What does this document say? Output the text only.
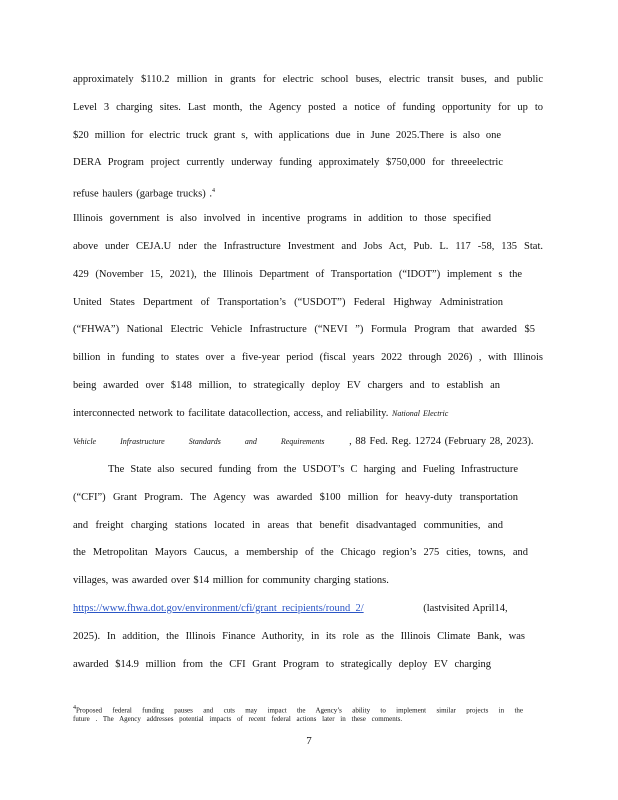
approximately $110.2 million in grants for electric school buses, electric transit buses, and public
Level 3 charging sites. Last month, the Agency posted a notice of funding opportunity for up to
$20 million for electric truck grant s, with applications due in June 2025.There is also one
DERA Program project currently underway funding approximately $750,000 for threeelectric
refuse haulers (garbage trucks) .$^4$
Illinois government is also involved in incentive programs in addition to those specified
above under CEJA.U nder the Infrastructure Investment and Jobs Act, Pub. L. 117 -58, 135 Stat.
429 (November 15, 2021), the Illinois Department of Transportation (“IDOT”) implement s the
United States Department of Transportation’s (“USDOT”) Federal Highway Administration
(“FHWA”) National Electric Vehicle Infrastructure (“NEVI ”) Formula Program that awarded $5
billion in funding to states over a five-year period (fiscal years 2022 through 2026) , with Illinois
being awarded over $148 million, to strategically deploy EV chargers and to establish an
interconnected network to facilitate datacollection, access, and reliability. National Electric
Vehicle Infrastructure Standards and Requirements , 88 Fed. Reg. 12724 (February 28, 2023).
The State also secured funding from the USDOT’s C harging and Fueling Infrastructure
(“CFI”) Grant Program. The Agency was awarded $100 million for heavy-duty transportation
and freight charging stations located in areas that benefit disadvantaged communities, and
the Metropolitan Mayors Caucus, a membership of the Chicago region’s 275 cities, towns, and
villages, was awarded over $14 million for community charging stations.
https://www.fhwa.dot.gov/environment/cfi/grant_recipients/round_2/	(lastvisited April14,
2025). In addition, the Illinois Finance Authority, in its role as the Illinois Climate Bank, was
awarded $14.9 million from the CFI Grant Program to strategically deploy EV charging
4Proposed federal funding pauses and cuts may impact the Agency’s ability to implement similar projects in the
future . The Agency addresses potential impacts of recent federal actions later in these comments.
7
